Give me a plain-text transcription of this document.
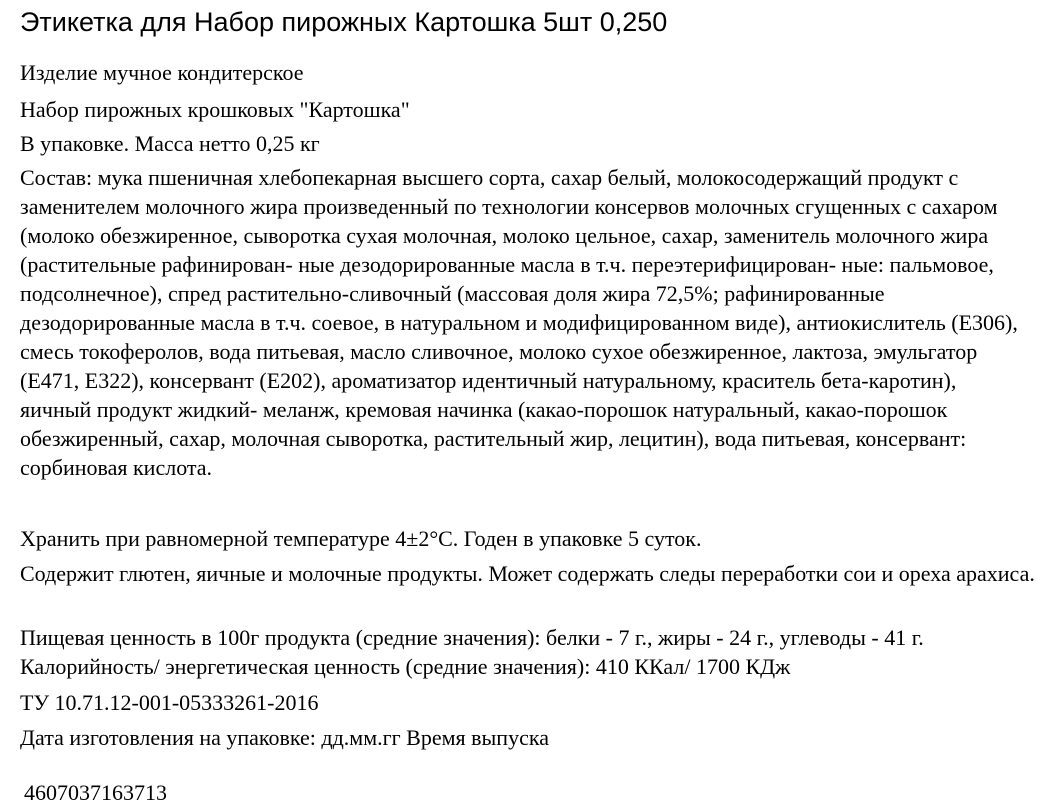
Этикетка для Набор пирожных Картошка 5шт 0,250

Изделие мучное кондитерское

Набор пирожных крошковых "Картошка"

В упаковке. Масса нетто 0,25 кг

Состав: мука пшеничная хлебопекарная высшего сорта, сахар белый, молокосодержащий продукт с заменителем молочного жира произведенный по технологии консервов молочных сгущенных с сахаром (молоко обезжиренное, сыворотка сухая молочная, молоко цельное, сахар, заменитель молочного жира (растительные рафинирован- ные дезодорированные масла в т.ч. переэтерифицирован- ные: пальмовое, подсолнечное), спред растительно-сливочный (массовая доля жира 72,5%; рафинированные дезодорированные масла в т.ч. соевое, в натуральном и модифицированном виде), антиокислитель (Е306), смесь токоферолов, вода питьевая, масло сливочное, молоко сухое обезжиренное, лактоза, эмульгатор (Е471, Е322), консервант (Е202), ароматизатор идентичный натуральному, краситель бета-каротин), яичный продукт жидкий- меланж, кремовая начинка (какао-порошок натуральный, какао-порошок обезжиренный, сахар, молочная сыворотка, растительный жир, лецитин), вода питьевая, консервант: сорбиновая кислота.

Хранить при равномерной температуре 4±2°С. Годен в упаковке 5 суток.

Содержит глютен, яичные и молочные продукты. Может содержать следы переработки сои и ореха арахиса.

Пищевая ценность в 100г продукта (средние значения): белки - 7 г., жиры - 24 г., углеводы - 41 г. Калорийность/ энергетическая ценность (средние значения): 410 ККал/ 1700 КДж

ТУ 10.71.12-001-05333261-2016

Дата изготовления на упаковке: дд.мм.гг Время выпуска

4607037163713
